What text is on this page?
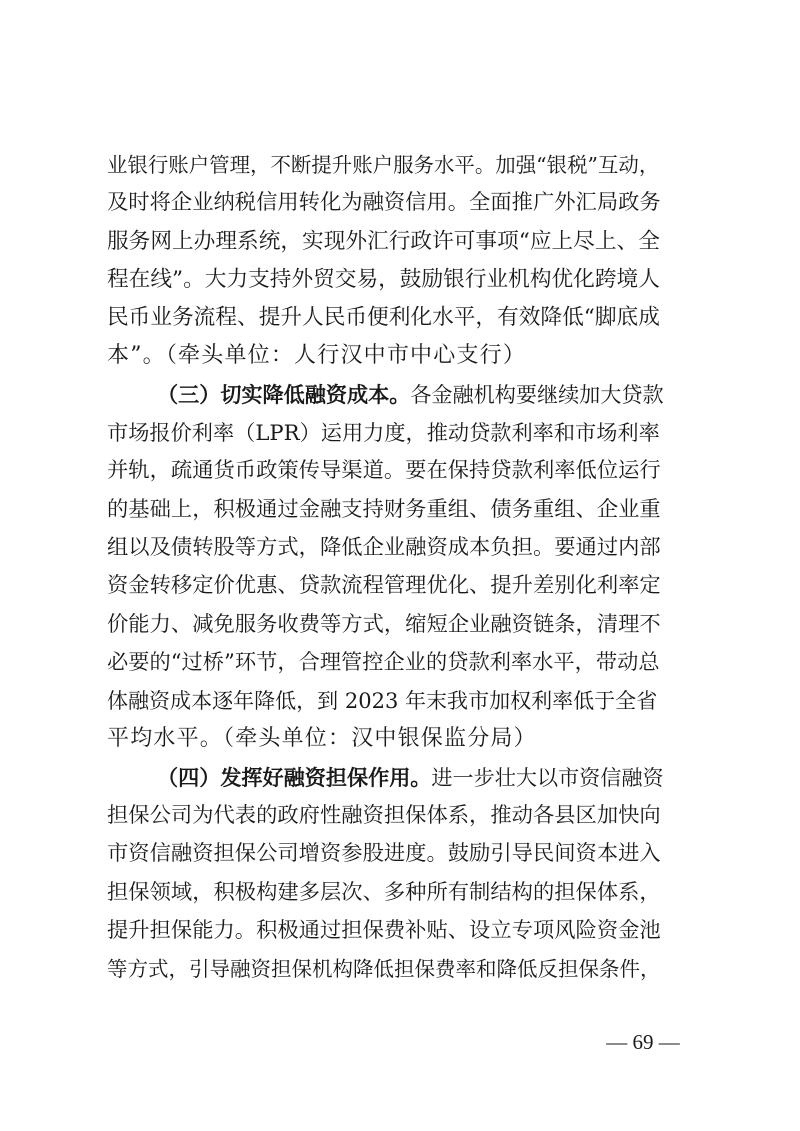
业银行账户管理，不断提升账户服务水平。加强“银税”互动，
及时将企业纳税信用转化为融资信用。全面推广外汇局政务
服务网上办理系统，实现外汇行政许可事项“应上尽上、全
程在线”。大力支持外贸交易，鼓励银行业机构优化跨境人
民币业务流程、提升人民币便利化水平，有效降低“脚底成
本”。（牵头单位：人行汉中市中心支行）
（三）切实降低融资成本。各金融机构要继续加大贷款
市场报价利率（LPR）运用力度，推动贷款利率和市场利率
并轨，疏通货币政策传导渠道。要在保持贷款利率低位运行
的基础上，积极通过金融支持财务重组、债务重组、企业重
组以及债转股等方式，降低企业融资成本负担。要通过内部
资金转移定价优惠、贷款流程管理优化、提升差别化利率定
价能力、减免服务收费等方式，缩短企业融资链条，清理不
必要的“过桥”环节，合理管控企业的贷款利率水平，带动总
体融资成本逐年降低，到 2023 年末我市加权利率低于全省
平均水平。（牵头单位：汉中银保监分局）
（四）发挥好融资担保作用。进一步壮大以市资信融资
担保公司为代表的政府性融资担保体系，推动各县区加快向
市资信融资担保公司增资参股进度。鼓励引导民间资本进入
担保领域，积极构建多层次、多种所有制结构的担保体系，
提升担保能力。积极通过担保费补贴、设立专项风险资金池
等方式，引导融资担保机构降低担保费率和降低反担保条件，
— 69 —
